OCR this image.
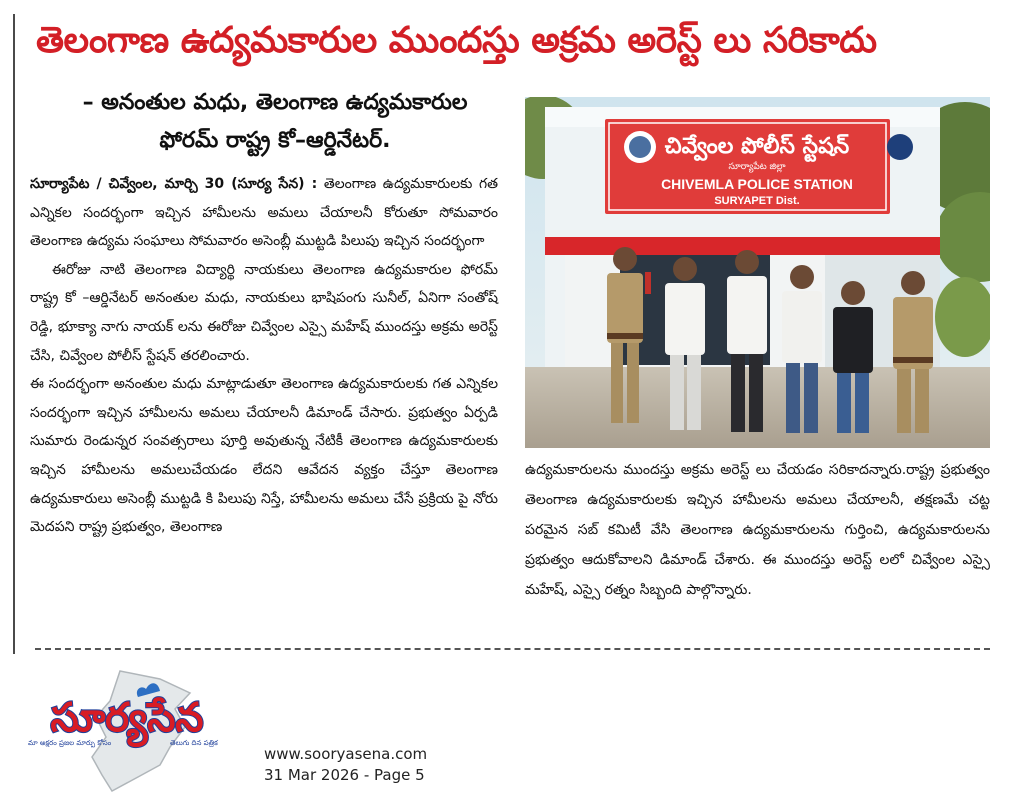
తెలంగాణ ఉద్యమకారుల ముందస్తు అక్రమ అరెస్ట్ లు సరికాదు
– అనంతుల మధు, తెలంగాణ ఉద్యమకారుల
ఫోరమ్ రాష్ట్ర కో–ఆర్డినేటర్.

సూర్యాపేట / చివ్వేంల, మార్చి 30 (సూర్య సేన) : తెలంగాణ ఉద్యమకారులకు గత ఎన్నికల సందర్భంగా ఇచ్చిన హామీలను అమలు చేయాలనీ కోరుతూ సోమవారం తెలంగాణ ఉద్యమ సంఘాలు సోమవారం అసెంబ్లీ ముట్టడి పిలుపు ఇచ్చిన సందర్భంగా

ఈరోజు నాటి తెలంగాణ విద్యార్థి నాయకులు తెలంగాణ ఉద్యమకారుల ఫోరమ్ రాష్ట్ర కో –ఆర్డినేటర్ అనంతుల మధు, నాయకులు భాషిపంగు సునీల్, ఏనిగా సంతోష్ రెడ్డి, భూక్యా నాగు నాయక్ లను ఈరోజు చివ్వేంల ఎస్సై మహేష్ ముందస్తు అక్రమ అరెస్ట్ చేసి, చివ్వేంల పోలీస్ స్టేషన్ తరలించారు.

ఈ సందర్భంగా అనంతుల మధు మాట్లాడుతూ తెలంగాణ ఉద్యమకారులకు గత ఎన్నికల సందర్భంగా ఇచ్చిన హామీలను అమలు చేయాలనీ డిమాండ్ చేసారు. ప్రభుత్వం ఏర్పడి సుమారు రెండున్నర సంవత్సరాలు పూర్తి అవుతున్న నేటికీ తెలంగాణ ఉద్యమకారులకు ఇచ్చిన హామీలను అమలుచేయడం లేదని ఆవేదన వ్యక్తం చేస్తూ తెలంగాణ ఉద్యమకారులు అసెంబ్లీ ముట్టడి కి పిలుపు నిస్తే, హామీలను అమలు చేసే ప్రక్రియ పై నోరు మెదపని రాష్ట్ర ప్రభుత్వం, తెలంగాణ

చివ్వేంల పోలీస్ స్టేషన్
సూర్యాపేట జిల్లా
CHIVEMLA POLICE STATION
SURYAPET Dist.

ఉద్యమకారులను ముందస్తు అక్రమ అరెస్ట్ లు చేయడం సరికాదన్నారు.రాష్ట్ర ప్రభుత్వం తెలంగాణ ఉద్యమకారులకు ఇచ్చిన హామీలను అమలు చేయాలనీ, తక్షణమే చట్ట పరమైన సబ్ కమిటీ వేసి తెలంగాణ ఉద్యమకారులను గుర్తించి, ఉద్యమకారులను ప్రభుత్వం ఆదుకోవాలని డిమాండ్ చేశారు. ఈ ముందస్తు అరెస్ట్ లలో చివ్వేంల ఎస్సై మహేష్, ఎస్సై రత్నం సిబ్బంది పాల్గొన్నారు.

సూర్యసేన
మా అక్షరం ప్రజల మార్పు కోసం	తెలుగు దిన పత్రిక
www.sooryasena.com
31 Mar 2026 - Page 5
